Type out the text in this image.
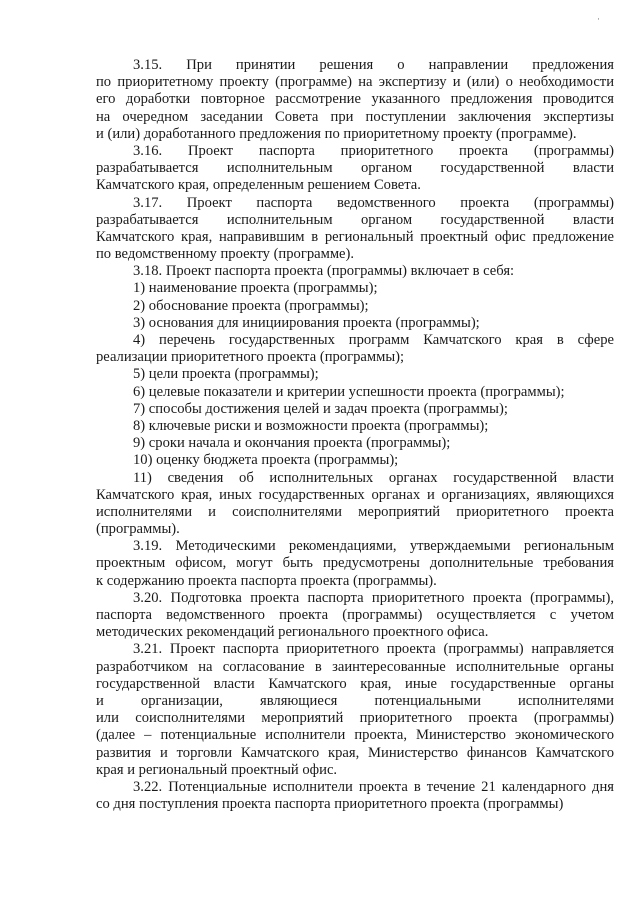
·
3.15. При принятии решения о направлении предложения
по приоритетному проекту (программе) на экспертизу и (или) о необходимости
его доработки повторное рассмотрение указанного предложения проводится
на очередном заседании Совета при поступлении заключения экспертизы
и (или) доработанного предложения по приоритетному проекту (программе).
3.16. Проект паспорта приоритетного проекта (программы)
разрабатывается исполнительным органом государственной власти
Камчатского края, определенным решением Совета.
3.17. Проект паспорта ведомственного проекта (программы)
разрабатывается исполнительным органом государственной власти
Камчатского края, направившим в региональный проектный офис предложение
по ведомственному проекту (программе).
3.18. Проект паспорта проекта (программы) включает в себя:
1) наименование проекта (программы);
2) обоснование проекта (программы);
3) основания для инициирования проекта (программы);
4) перечень государственных программ Камчатского края в сфере
реализации приоритетного проекта (программы);
5) цели проекта (программы);
6) целевые показатели и критерии успешности проекта (программы);
7) способы достижения целей и задач проекта (программы);
8) ключевые риски и возможности проекта (программы);
9) сроки начала и окончания проекта (программы);
10) оценку бюджета проекта (программы);
11) сведения об исполнительных органах государственной власти
Камчатского края, иных государственных органах и организациях, являющихся
исполнителями и соисполнителями мероприятий приоритетного проекта
(программы).
3.19. Методическими рекомендациями, утверждаемыми региональным
проектным офисом, могут быть предусмотрены дополнительные требования
к содержанию проекта паспорта проекта (программы).
3.20. Подготовка проекта паспорта приоритетного проекта (программы),
паспорта ведомственного проекта (программы) осуществляется с учетом
методических рекомендаций регионального проектного офиса.
3.21. Проект паспорта приоритетного проекта (программы) направляется
разработчиком на согласование в заинтересованные исполнительные органы
государственной власти Камчатского края, иные государственные органы
и организации, являющиеся потенциальными исполнителями
или соисполнителями мероприятий приоритетного проекта (программы)
(далее – потенциальные исполнители проекта, Министерство экономического
развития и торговли Камчатского края, Министерство финансов Камчатского
края и региональный проектный офис.
3.22. Потенциальные исполнители проекта в течение 21 календарного дня
со дня поступления проекта паспорта приоритетного проекта (программы)
